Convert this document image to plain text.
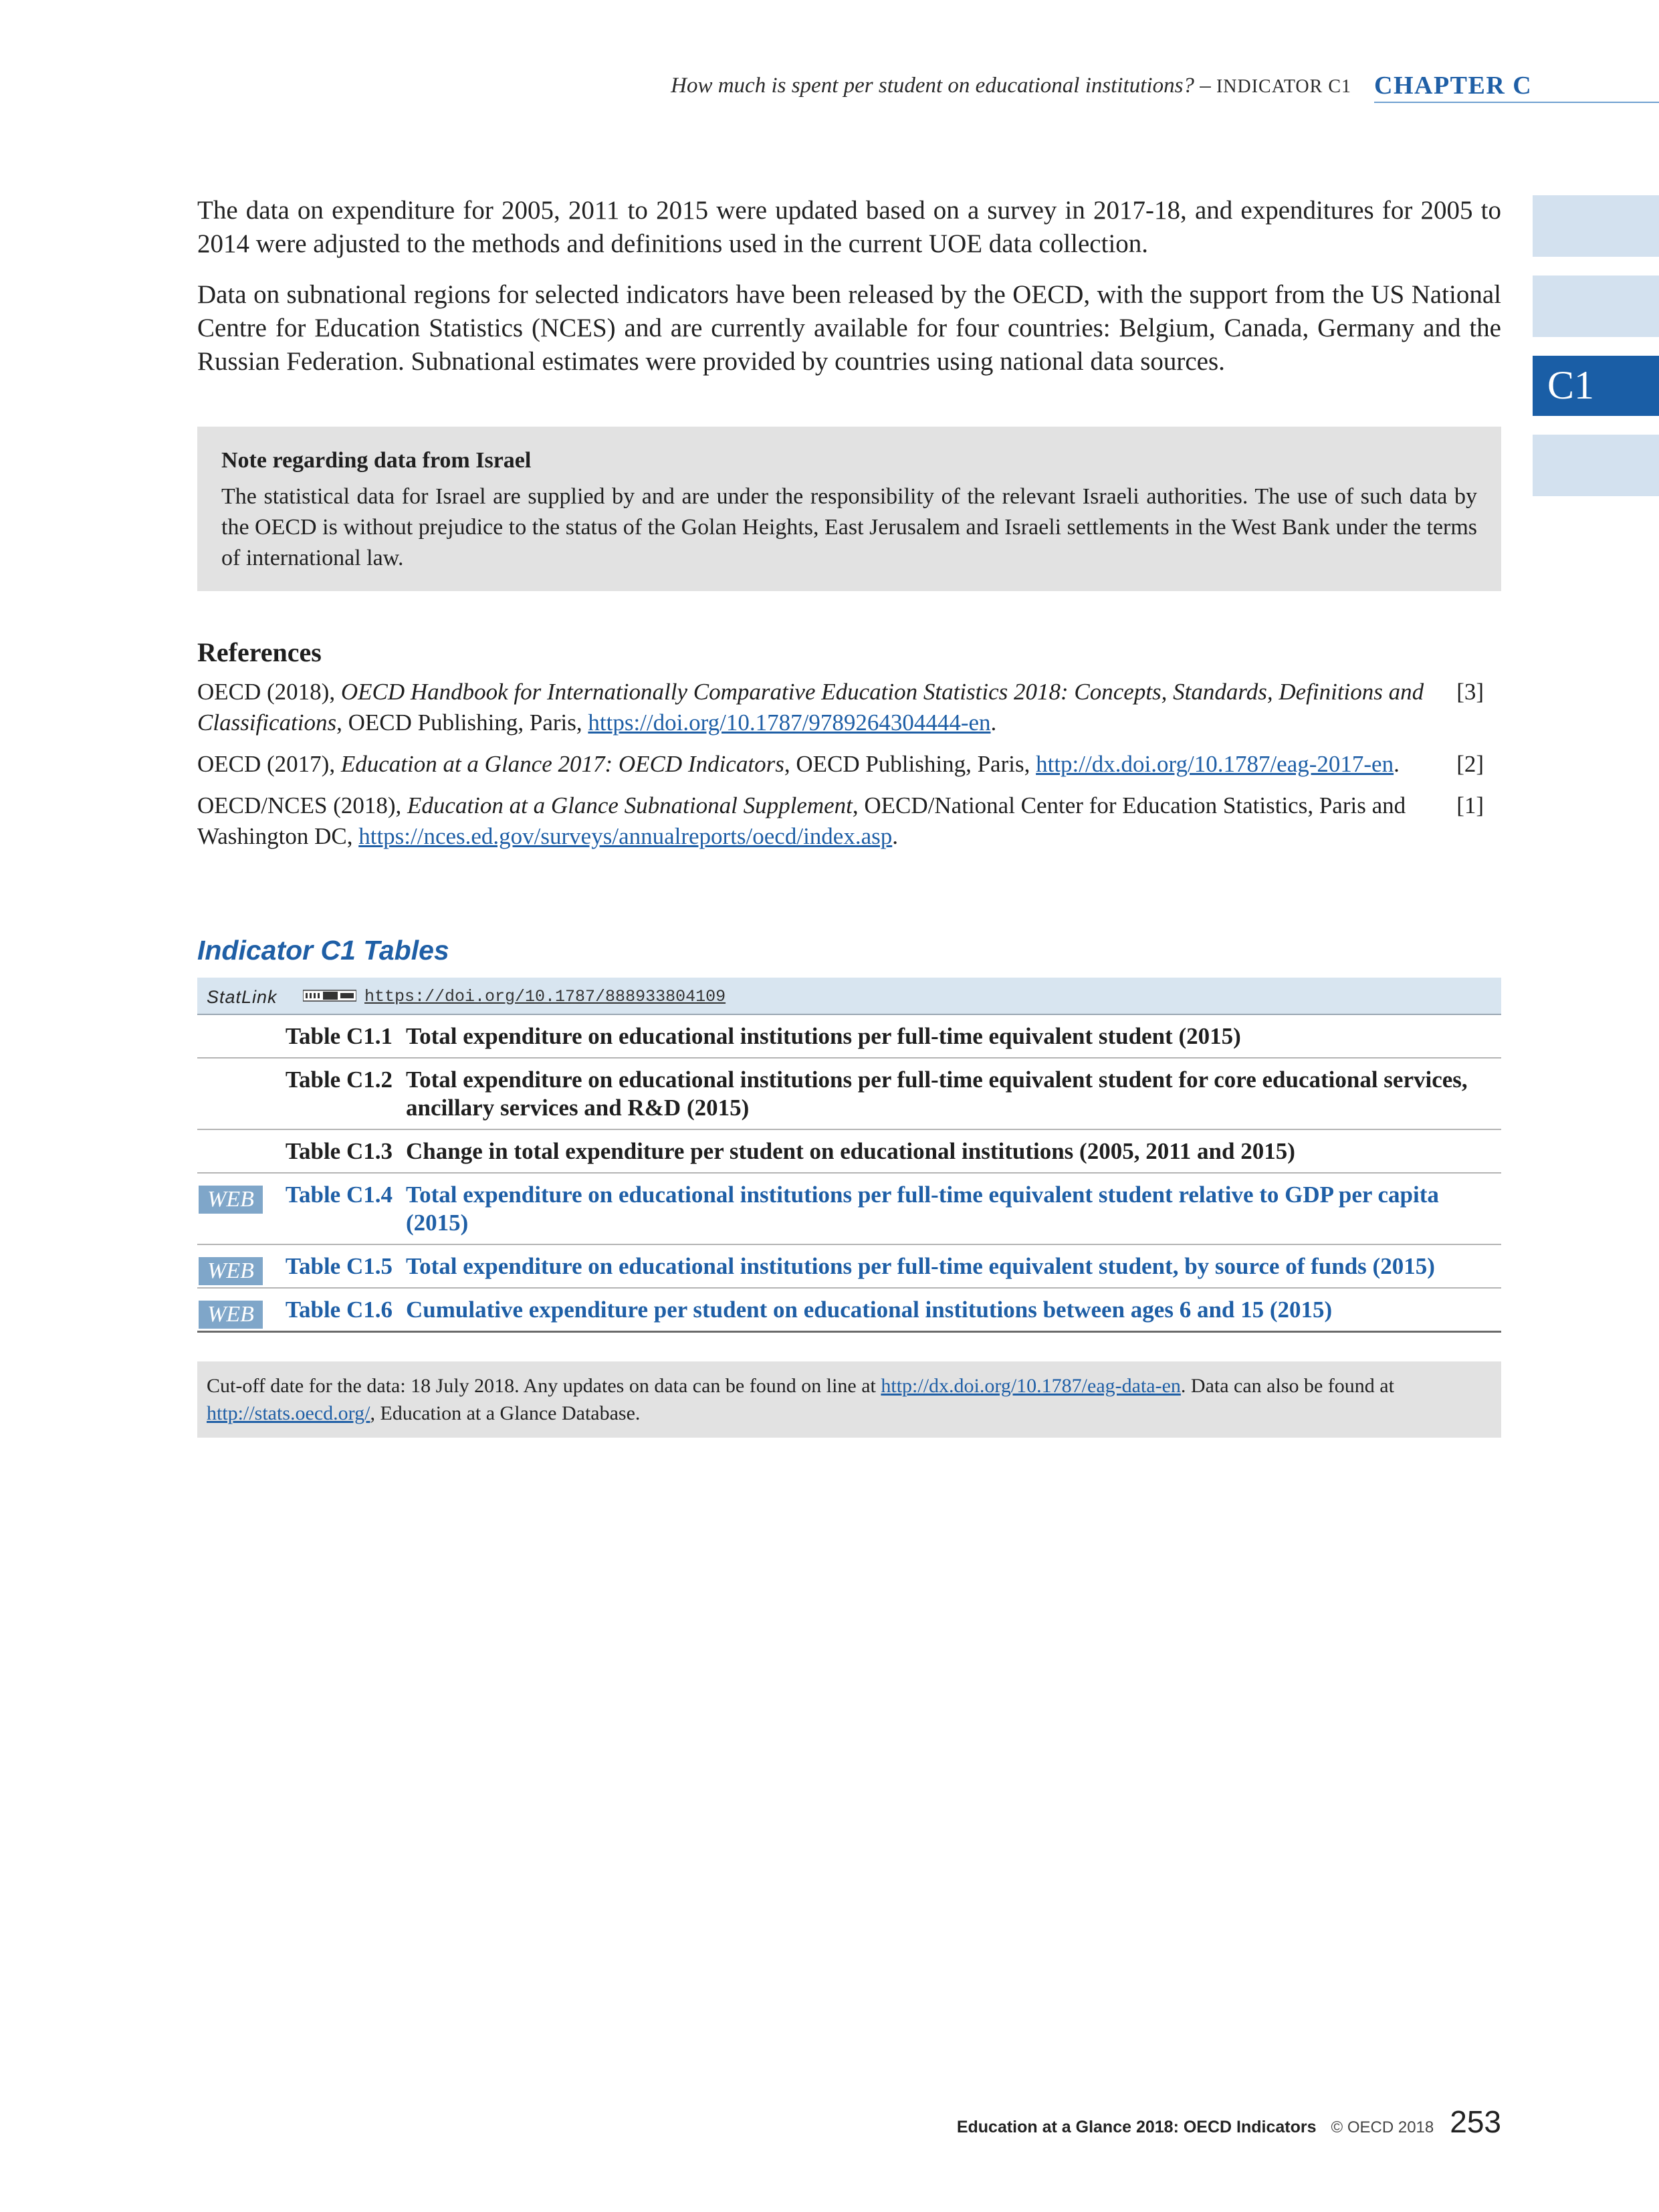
How much is spent per student on educational institutions? – INDICATOR C1 CHAPTER C
C1

The data on expenditure for 2005, 2011 to 2015 were updated based on a survey in 2017-18, and expenditures for 2005 to 2014 were adjusted to the methods and definitions used in the current UOE data collection.

Data on subnational regions for selected indicators have been released by the OECD, with the support from the US National Centre for Education Statistics (NCES) and are currently available for four countries: Belgium, Canada, Germany and the Russian Federation. Subnational estimates were provided by countries using national data sources.

Note regarding data from Israel
The statistical data for Israel are supplied by and are under the responsibility of the relevant Israeli authorities. The use of such data by the OECD is without prejudice to the status of the Golan Heights, East Jerusalem and Israeli settlements in the West Bank under the terms of international law.
References
OECD (2018), OECD Handbook for Internationally Comparative Education Statistics 2018: Concepts, Standards, Definitions and Classifications, OECD Publishing, Paris, https://doi.org/10.1787/9789264304444-en.
[3]
OECD (2017), Education at a Glance 2017: OECD Indicators, OECD Publishing, Paris, http://dx.doi.org/10.1787/eag-2017-en. [2]
OECD/NCES (2018), Education at a Glance Subnational Supplement, OECD/National Center for Education Statistics, Paris and Washington DC, https://nces.ed.gov/surveys/annualreports/oecd/index.asp.
[1]
Indicator C1 Tables
StatLink	https://doi.org/10.1787/888933804109
Table C1.1 Total expenditure on educational institutions per full-time equivalent student (2015)
Table C1.2 Total expenditure on educational institutions per full-time equivalent student for core educational services, ancillary services and R&D (2015)
Table C1.3 Change in total expenditure per student on educational institutions (2005, 2011 and 2015)
WEB	Table C1.4 Total expenditure on educational institutions per full-time equivalent student relative to GDP per capita (2015)
WEB	Table C1.5 Total expenditure on educational institutions per full-time equivalent student, by source of funds (2015)
WEB	Table C1.6 Cumulative expenditure per student on educational institutions between ages 6 and 15 (2015)
Cut-off date for the data: 18 July 2018. Any updates on data can be found on line at http://dx.doi.org/10.1787/eag-data-en. Data can also be found at http://stats.oecd.org/, Education at a Glance Database.
Education at a Glance 2018: OECD Indicators © OECD 2018 253
